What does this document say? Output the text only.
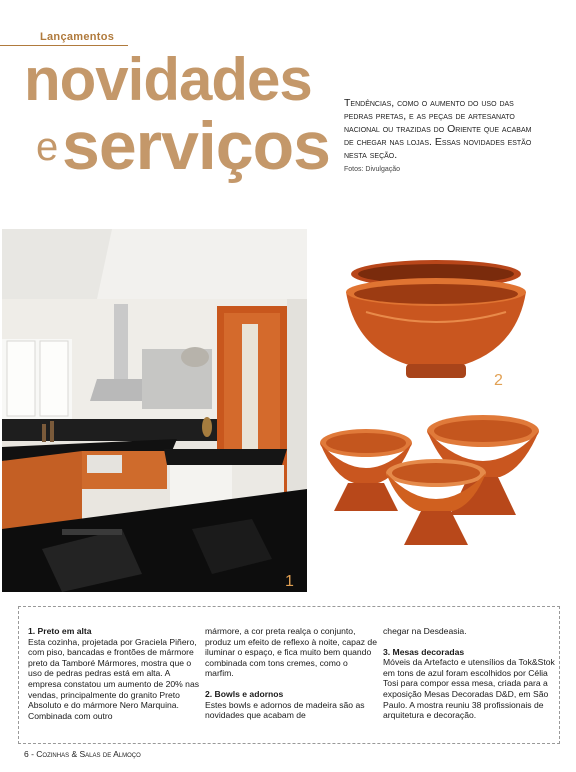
Lançamentos
novidades
e serviços
Tendências, como o aumento do uso das pedras pretas, e as peças de artesanato nacional ou trazidas do Oriente que acabam de chegar nas lojas. Essas novidades estão nesta seção.
Fotos: Divulgação
1
2
1. Preto em alta

Esta cozinha, projetada por Graciela Piñero, com piso, bancadas e frontões de mármore preto da Tamboré Mármores, mostra que o uso de pedras pedras está em alta. A empresa constatou um aumento de 20% nas vendas, principalmente do granito Preto Absoluto e do mármore Nero Marquina. Combinada com outro

mármore, a cor preta realça o conjunto, produz um efeito de reflexo à noite, capaz de iluminar o espaço, e fica muito bem quando combinada com tons cremes, como o marfim.

2. Bowls e adornos

Estes bowls e adornos de madeira são as novidades que acabam de

chegar na Desdeasia.

3. Mesas decoradas

Móveis da Artefacto e utensílios da Tok&Stok em tons de azul foram escolhidos por Célia Tosi para compor essa mesa, criada para a exposição Mesas Decoradas D&D, em São Paulo. A mostra reuniu 38 profissionais de arquitetura e decoração.

6 - Cozinhas & Salas de Almoço
